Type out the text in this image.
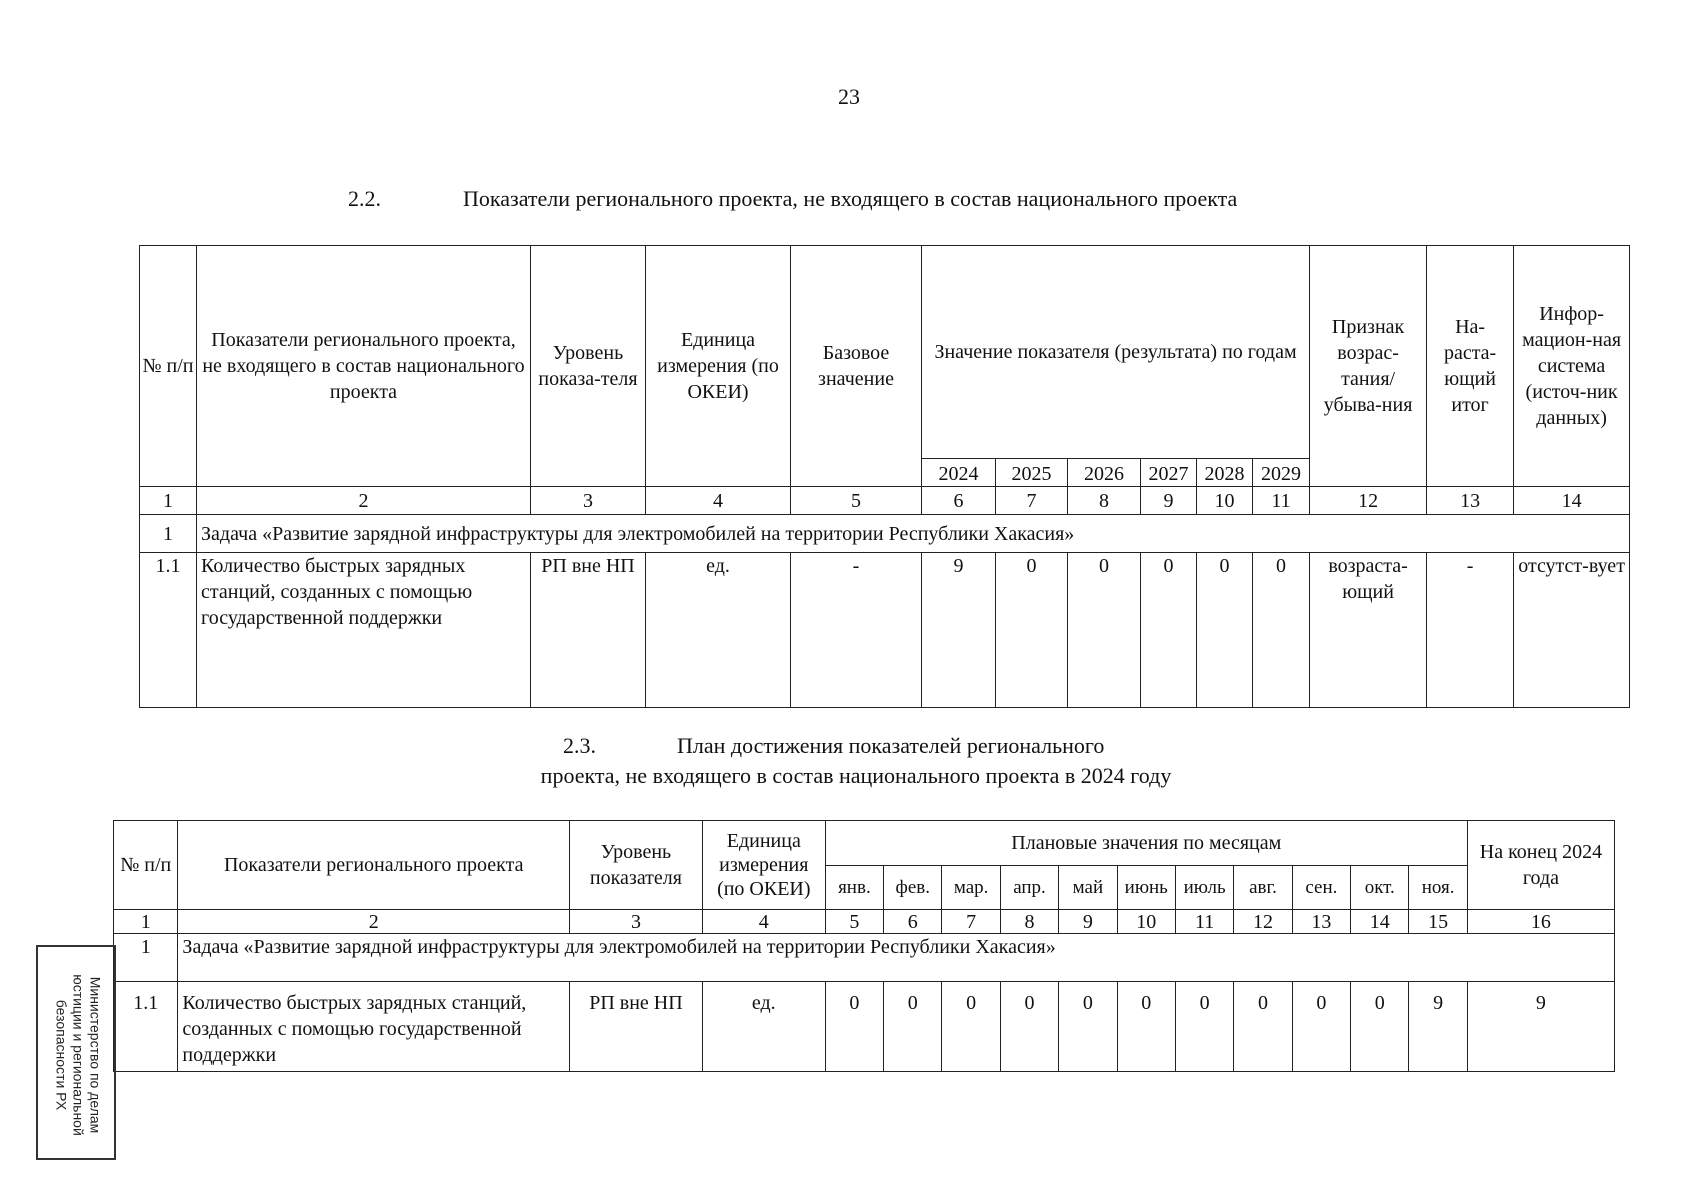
23
2.2.	Показатели регионального проекта, не входящего в состав национального проекта
№ п/п	Показатели регионального проекта, не входящего в состав национального проекта	Уровень показа-теля	Единица измерения (по ОКЕИ)	Базовое значение	Значение показателя (результата) по годам						Признак возрас-тания/ убыва-ния	На-раста-ющий итог	Инфор-мацион-ная система (источ-ник данных)
					2024	2025	2026	2027	2028	2029			
1	2	3	4	5	6	7	8	9	10	11	12	13	14
1	Задача «Развитие зарядной инфраструктуры для электромобилей на территории Республики Хакасия»												
1.1	Количество быстрых зарядных станций, созданных с помощью государственной поддержки	РП вне НП	ед.	-	9	0	0	0	0	0	возраста-ющий	-	отсутст-вует
2.3.	План достижения показателей регионального
проекта, не входящего в состав национального проекта в 2024 году
№ п/п	Показатели регионального проекта	Уровень показателя	Единица измерения (по ОКЕИ)	Плановые значения по месяцам											На конец 2024 года
				янв.	фев.	мар.	апр.	май	июнь	июль	авг.	сен.	окт.	ноя.	
1	2	3	4	5	6	7	8	9	10	11	12	13	14	15	16
1	Задача «Развитие зарядной инфраструктуры для электромобилей на территории Республики Хакасия»														
1.1	Количество быстрых зарядных станций, созданных с помощью государственной поддержки	РП вне НП	ед.	0	0	0	0	0	0	0	0	0	0	9	9
Министерство по делам
юстиции и региональной
безопасности РХ
